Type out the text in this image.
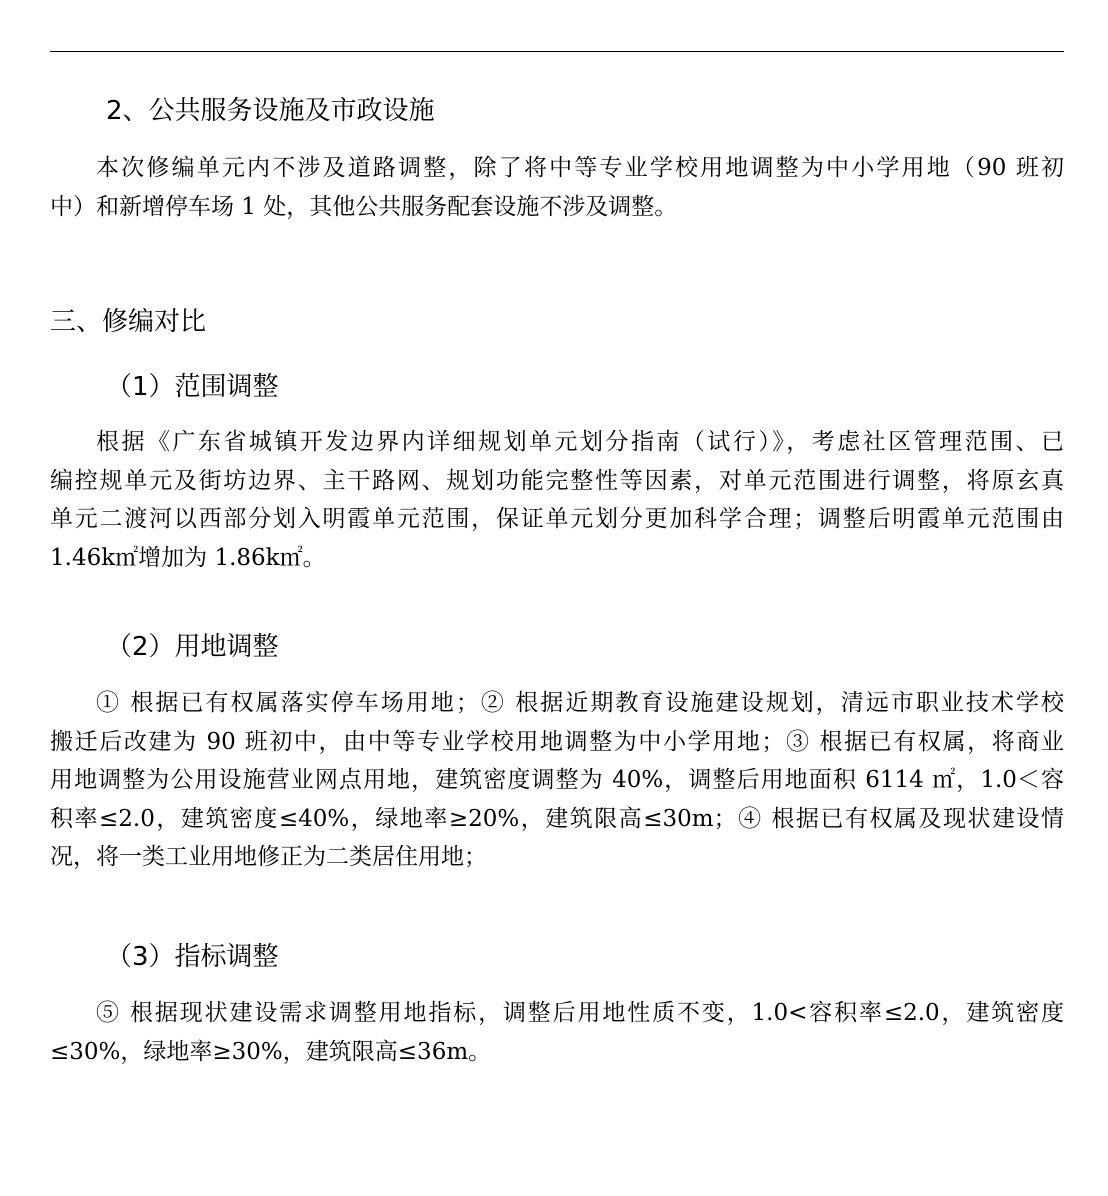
2、公共服务设施及市政设施
本次修编单元内不涉及道路调整，除了将中等专业学校用地调整为中小学用地（90 班初
中）和新增停车场 1 处，其他公共服务配套设施不涉及调整。
三、修编对比
（1）范围调整
根据《广东省城镇开发边界内详细规划单元划分指南（试行）》，考虑社区管理范围、已
编控规单元及街坊边界、主干路网、规划功能完整性等因素，对单元范围进行调整，将原玄真
单元二渡河以西部分划入明霞单元范围，保证单元划分更加科学合理；调整后明霞单元范围由
1.46k㎡增加为 1.86k㎡。
（2）用地调整
① 根据已有权属落实停车场用地；② 根据近期教育设施建设规划，清远市职业技术学校
搬迁后改建为 90 班初中，由中等专业学校用地调整为中小学用地；③ 根据已有权属，将商业
用地调整为公用设施营业网点用地，建筑密度调整为 40%，调整后用地面积 6114 ㎡，1.0＜容
积率≤2.0，建筑密度≤40%，绿地率≥20%，建筑限高≤30m；④ 根据已有权属及现状建设情
况，将一类工业用地修正为二类居住用地；
（3）指标调整
⑤ 根据现状建设需求调整用地指标，调整后用地性质不变，1.0<容积率≤2.0，建筑密度
≤30%，绿地率≥30%，建筑限高≤36m。
